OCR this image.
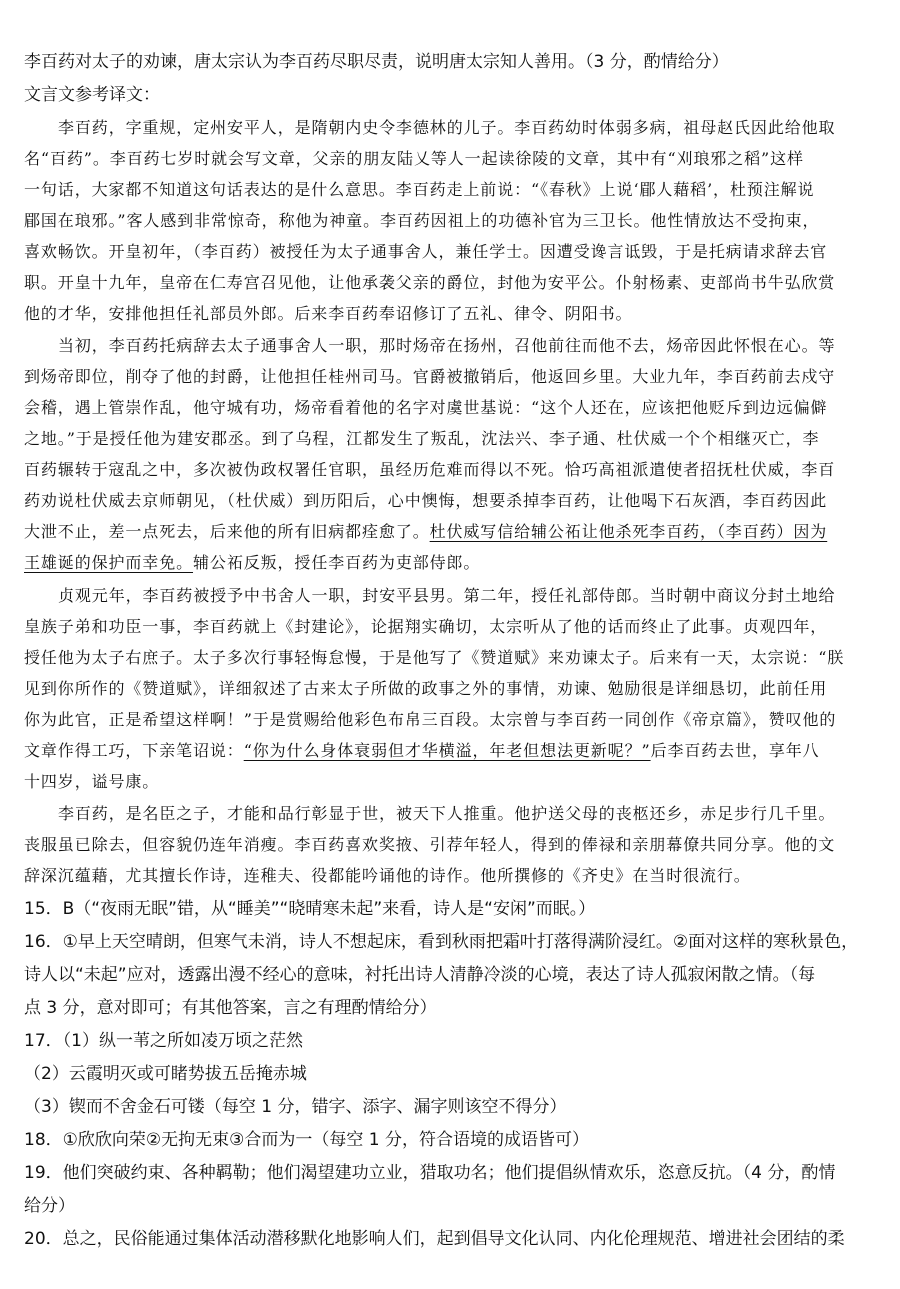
李百药对太子的劝谏，唐太宗认为李百药尽职尽责，说明唐太宗知人善用。（3 分，酌情给分）
文言文参考译文：
李百药，字重规，定州安平人，是隋朝内史令李德林的儿子。李百药幼时体弱多病，祖母赵氏因此给他取
名“百药”。李百药七岁时就会写文章，父亲的朋友陆乂等人一起读徐陵的文章，其中有“刈琅邪之稻”这样
一句话，大家都不知道这句话表达的是什么意思。李百药走上前说：“《春秋》上说‘郿人藉稻’，杜预注解说
郿国在琅邪。”客人感到非常惊奇，称他为神童。李百药因祖上的功德补官为三卫长。他性情放达不受拘束，
喜欢畅饮。开皇初年，（李百药）被授任为太子通事舍人，兼任学士。因遭受谗言诋毁，于是托病请求辞去官
职。开皇十九年，皇帝在仁寿宫召见他，让他承袭父亲的爵位，封他为安平公。仆射杨素、吏部尚书牛弘欣赏
他的才华，安排他担任礼部员外郎。后来李百药奉诏修订了五礼、律令、阴阳书。
当初，李百药托病辞去太子通事舍人一职，那时炀帝在扬州，召他前往而他不去，炀帝因此怀恨在心。等
到炀帝即位，削夺了他的封爵，让他担任桂州司马。官爵被撤销后，他返回乡里。大业九年，李百药前去戍守
会稽，遇上管崇作乱，他守城有功，炀帝看着他的名字对虞世基说：“这个人还在，应该把他贬斥到边远偏僻
之地。”于是授任他为建安郡丞。到了乌程，江都发生了叛乱，沈法兴、李子通、杜伏威一个个相继灭亡，李
百药辗转于寇乱之中，多次被伪政权署任官职，虽经历危难而得以不死。恰巧高祖派遣使者招抚杜伏威，李百
药劝说杜伏威去京师朝见，（杜伏威）到历阳后，心中懊悔，想要杀掉李百药，让他喝下石灰酒，李百药因此
大泄不止，差一点死去，后来他的所有旧病都痊愈了。杜伏威写信给辅公祏让他杀死李百药，（李百药）因为
王雄诞的保护而幸免。辅公祏反叛，授任李百药为吏部侍郎。
贞观元年，李百药被授予中书舍人一职，封安平县男。第二年，授任礼部侍郎。当时朝中商议分封土地给
皇族子弟和功臣一事，李百药就上《封建论》，论据翔实确切，太宗听从了他的话而终止了此事。贞观四年，
授任他为太子右庶子。太子多次行事轻悔怠慢，于是他写了《赞道赋》来劝谏太子。后来有一天，太宗说：“朕
见到你所作的《赞道赋》，详细叙述了古来太子所做的政事之外的事情，劝谏、勉励很是详细恳切，此前任用
你为此官，正是希望这样啊！”于是赏赐给他彩色布帛三百段。太宗曾与李百药一同创作《帝京篇》，赞叹他的
文章作得工巧，下亲笔诏说：“你为什么身体衰弱但才华横溢，年老但想法更新呢？”后李百药去世，享年八
十四岁，谥号康。
李百药，是名臣之子，才能和品行彰显于世，被天下人推重。他护送父母的丧柩还乡，赤足步行几千里。
丧服虽已除去，但容貌仍连年消瘦。李百药喜欢奖掖、引荐年轻人，得到的俸禄和亲朋幕僚共同分享。他的文
辞深沉蕴藉，尤其擅长作诗，连稚夫、役都能吟诵他的诗作。他所撰修的《齐史》在当时很流行。
15．B（“夜雨无眠”错，从“睡美”“晓晴寒未起”来看，诗人是“安闲”而眠。）
16．①早上天空晴朗，但寒气未消，诗人不想起床，看到秋雨把霜叶打落得满阶浸红。②面对这样的寒秋景色，
诗人以“未起”应对，透露出漫不经心的意味，衬托出诗人清静冷淡的心境，表达了诗人孤寂闲散之情。（每
点 3 分，意对即可；有其他答案，言之有理酌情给分）
17．（1）纵一苇之所如凌万顷之茫然
（2）云霞明灭或可睹势拔五岳掩赤城
（3）锲而不舍金石可镂（每空 1 分，错字、添字、漏字则该空不得分）
18．①欣欣向荣②无拘无束③合而为一（每空 1 分，符合语境的成语皆可）
19．他们突破约束、各种羁勒；他们渴望建功立业，猎取功名；他们提倡纵情欢乐，恣意反抗。（4 分，酌情
给分）
20．总之，民俗能通过集体活动潜移默化地影响人们，起到倡导文化认同、内化伦理规范、增进社会团结的柔
